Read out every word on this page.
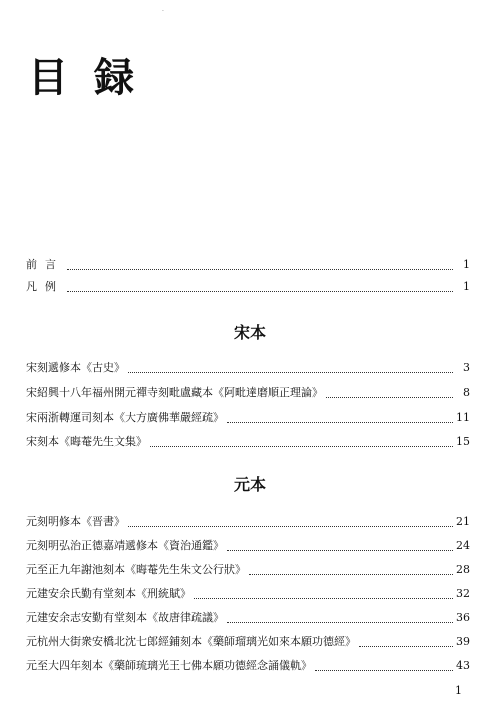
·
目録
前言	1
凡例	1
宋本
宋刻遞修本《古史》	3
宋紹興十八年福州開元禪寺刻毗盧藏本《阿毗達磨順正理論》	8
宋兩浙轉運司刻本《大方廣佛華嚴經疏》	11
宋刻本《晦菴先生文集》	15
元本
元刻明修本《晋書》	21
元刻明弘治正德嘉靖遞修本《資治通鑑》	24
元至正九年謝池刻本《晦菴先生朱文公行狀》	28
元建安余氏勤有堂刻本《刑統賦》	32
元建安余志安勤有堂刻本《故唐律疏議》	36
元杭州大街衆安橋北沈七郎經鋪刻本《藥師瑠璃光如來本願功德經》	39
元至大四年刻本《藥師琉璃光王七佛本願功德經念誦儀軌》	43
1
